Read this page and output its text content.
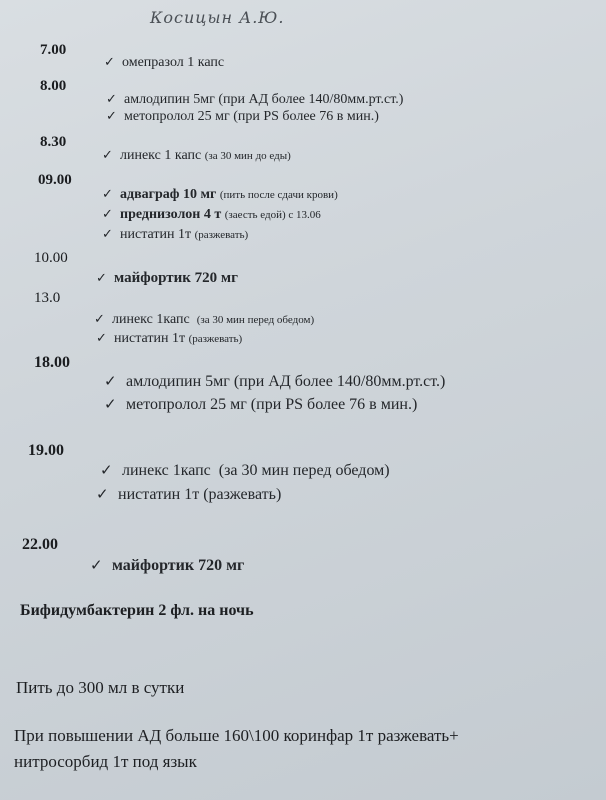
Косицын А.Ю.
7.00
✓ омепразол 1 капс
8.00
✓ амлодипин 5мг (при АД более 140/80мм.рт.ст.)
✓ метопролол 25 мг (при PS более 76 в мин.)
8.30
✓ линекс 1 капс (за 30 мин до еды)
09.00
✓ адваграф 10 мг (пить после сдачи крови)
✓ преднизолон 4 т (заесть едой) с 13.06
✓ нистатин 1т (разжевать)
10.00
✓ майфортик 720 мг
13.0
✓ линекс 1капс (за 30 мин перед обедом)
✓ нистатин 1т (разжевать)
18.00
✓ амлодипин 5мг (при АД более 140/80мм.рт.ст.)
✓ метопролол 25 мг (при PS более 76 в мин.)
19.00
✓ линекс 1капс (за 30 мин перед обедом)
✓ нистатин 1т (разжевать)
22.00
✓ майфортик 720 мг
Бифидумбактерин 2 фл. на ночь
Пить до 300 мл в сутки
При повышении АД больше 160\100 коринфар 1т разжевать+
нитросорбид 1т под язык
